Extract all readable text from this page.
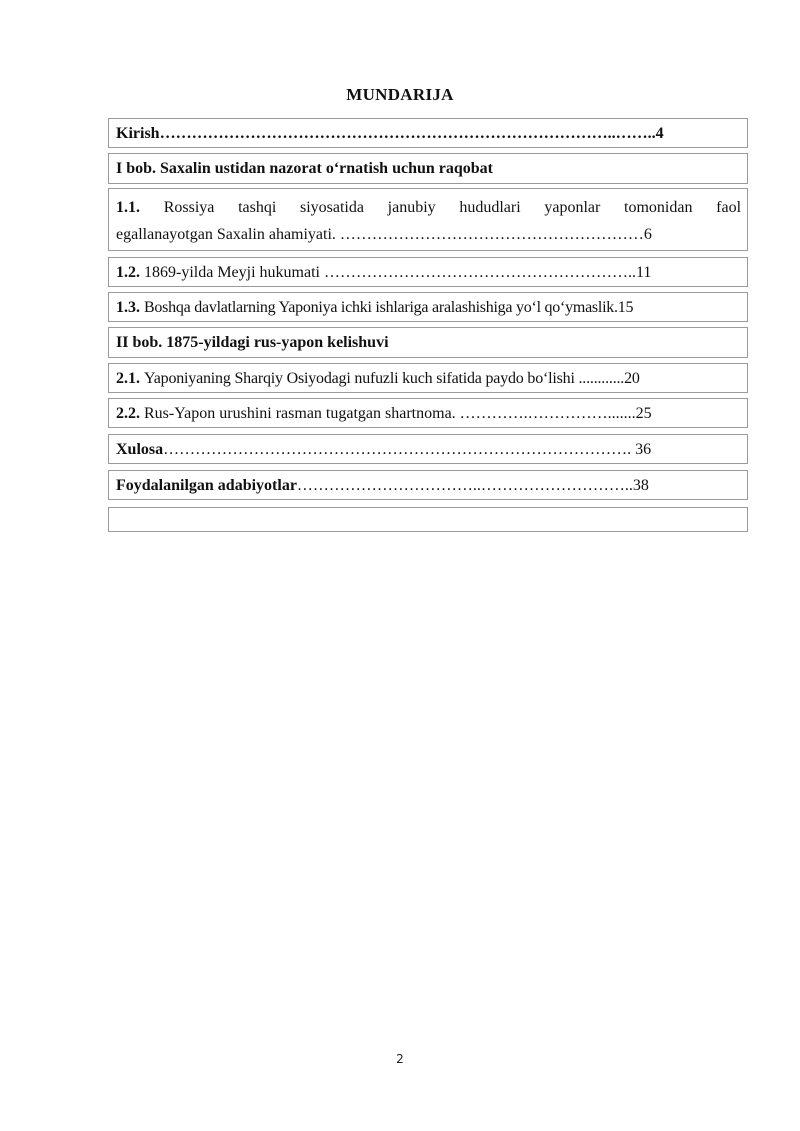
MUNDARIJA
Kirish…………………………………………………………………………..……..4
I bob. Saxalin ustidan nazorat o‘rnatish uchun raqobat
1.1. Rossiya tashqi siyosatida janubiy hududlari yaponlar tomonidan faol
egallanayotgan Saxalin ahamiyati. …………………………………………………6
1.2. 1869-yilda Meyji hukumati …………………………………………………..11
1.3. Boshqa davlatlarning Yaponiya ichki ishlariga aralashishiga yo‘l qo‘ymaslik.15
II bob. 1875-yildagi rus-yapon kelishuvi
2.1. Yaponiyaning Sharqiy Osiyodagi nufuzli kuch sifatida paydo bo‘lishi ............20
2.2. Rus-Yapon urushini rasman tugatgan shartnoma. ………….…………….......25
Xulosa……………………………………………………………………………. 36
Foydalanilgan adabiyotlar……………………………..………………………..38
2
